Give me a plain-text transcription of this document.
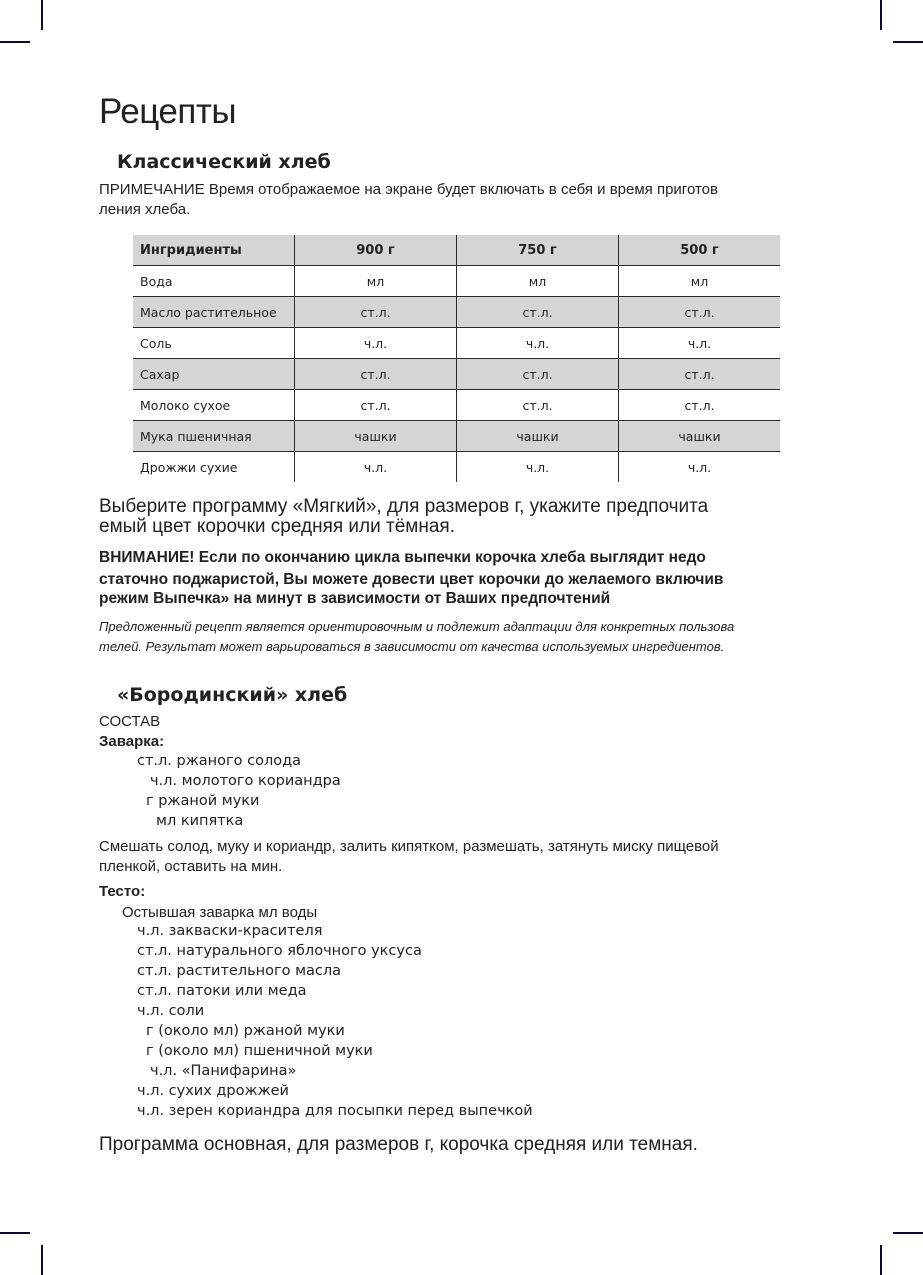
Рецепты
Классический хлеб
ПРИМЕЧАНИЕ Время отображаемое на экране будет включать в себя и время приготов
ления хлеба.
Ингридиенты	900 г	750 г	500 г
Вода	мл	мл	мл
Масло растительное	ст.л.	ст.л.	ст.л.
Соль	ч.л.	ч.л.	ч.л.
Сахар	ст.л.	ст.л.	ст.л.
Молоко сухое	ст.л.	ст.л.	ст.л.
Мука пшеничная	чашки	чашки	чашки
Дрожжи сухие	ч.л.	ч.л.	ч.л.
Выберите программу «Мягкий», для размеров г, укажите предпочита
емый цвет корочки средняя или тёмная.
ВНИМАНИЕ! Если по окончанию цикла выпечки корочка хлеба выглядит недо
статочно поджаристой, Вы можете довести цвет корочки до желаемого включив
режим Выпечка» на минут в зависимости от Ваших предпочтений
Предложенный рецепт является ориентировочным и подлежит адаптации для конкретных пользова
телей. Результат может варьироваться в зависимости от качества используемых ингредиентов.
«Бородинский» хлеб
СОСТАВ
Заварка:
ст.л. ржаного солода
ч.л. молотого кориандра
г ржаной муки
мл кипятка
Смешать солод, муку и кориандр, залить кипятком, размешать, затянуть миску пищевой
пленкой, оставить на мин.
Тесто:
Остывшая заварка мл воды
ч.л. закваски-красителя
ст.л. натурального яблочного уксуса
ст.л. растительного масла
ст.л. патоки или меда
ч.л. соли
г (около мл) ржаной муки
г (около мл) пшеничной муки
ч.л. «Панифарина»
ч.л. сухих дрожжей
ч.л. зерен кориандра для посыпки перед выпечкой
Программа основная, для размеров г, корочка средняя или темная.
